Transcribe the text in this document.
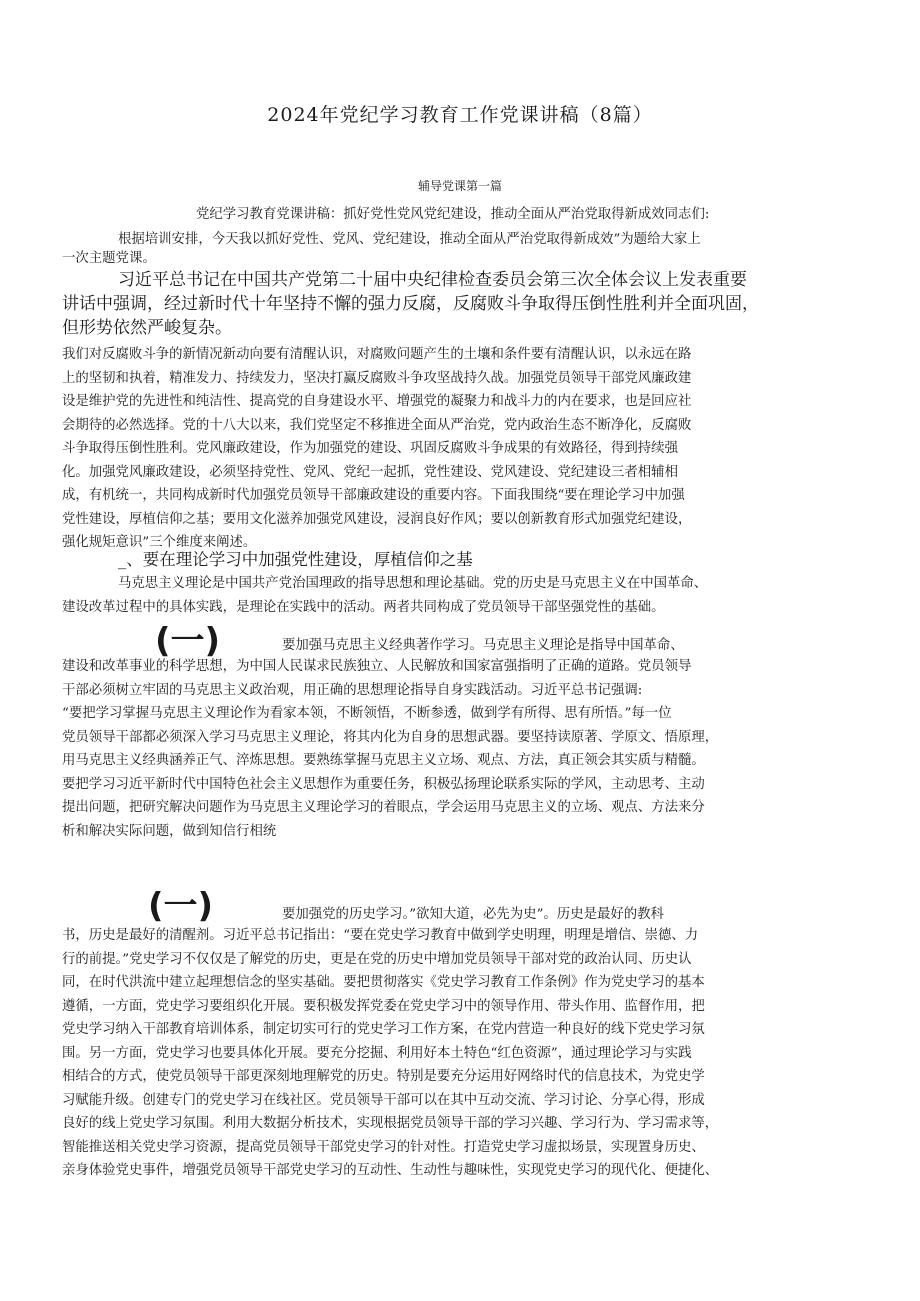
2024年党纪学习教育工作党课讲稿（8篇）
辅导党课第一篇
党纪学习教育党课讲稿：抓好党性党风党纪建设，推动全面从严治党取得新成效同志们:
根据培训安排，今天我以抓好党性、党风、党纪建设，推动全面从严治党取得新成效”为题给大家上
一次主题党课。
习近平总书记在中国共产党第二十届中央纪律检查委员会第三次全体会议上发表重要
讲话中强调，经过新时代十年坚持不懈的强力反腐，反腐败斗争取得压倒性胜利并全面巩固，
但形势依然严峻复杂。
我们对反腐败斗争的新情况新动向要有清醒认识，对腐败问题产生的土壤和条件要有清醒认识，以永远在路
上的坚韧和执着，精准发力、持续发力，坚决打赢反腐败斗争攻坚战持久战。加强党员领导干部党风廉政建
设是维护党的先进性和纯洁性、提高党的自身建设水平、增强党的凝聚力和战斗力的内在要求，也是回应社
会期待的必然选择。党的十八大以来，我们党坚定不移推进全面从严治党，党内政治生态不断净化，反腐败
斗争取得压倒性胜利。党风廉政建设，作为加强党的建设、巩固反腐败斗争成果的有效路径，得到持续强
化。加强党风廉政建设，必须坚持党性、党风、党纪一起抓，党性建设、党风建设、党纪建设三者相辅相
成，有机统一，共同构成新时代加强党员领导干部廉政建设的重要内容。下面我围绕“要在理论学习中加强
党性建设，厚植信仰之基；要用文化滋养加强党风建设，浸润良好作风；要以创新教育形式加强党纪建设，
强化规矩意识”三个维度来阐述。
_、要在理论学习中加强党性建设，厚植信仰之基
马克思主义理论是中国共产党治国理政的指导思想和理论基础。党的历史是马克思主义在中国革命、
建设改革过程中的具体实践，是理论在实践中的活动。两者共同构成了党员领导干部坚强党性的基础。
(一)	要加强马克思主义经典著作学习。马克思主义理论是指导中国革命、
建设和改革事业的科学思想，为中国人民谋求民族独立、人民解放和国家富强指明了正确的道路。党员领导
干部必须树立牢固的马克思主义政治观，用正确的思想理论指导自身实践活动。习近平总书记强调:
“要把学习掌握马克思主义理论作为看家本领，不断领悟，不断参透，做到学有所得、思有所悟。”每一位
党员领导干部都必须深入学习马克思主义理论，将其内化为自身的思想武器。要坚持读原著、学原文、悟原理，
用马克思主义经典涵养正气、淬炼思想。要熟练掌握马克思主义立场、观点、方法，真正领会其实质与精髓。
要把学习习近平新时代中国特色社会主义思想作为重要任务，积极弘扬理论联系实际的学风，主动思考、主动
提出问题，把研究解决问题作为马克思主义理论学习的着眼点，学会运用马克思主义的立场、观点、方法来分
析和解决实际问题，做到知信行相统
(一)	要加强党的历史学习。”欲知大道，必先为史”。历史是最好的教科
书，历史是最好的清醒剂。习近平总书记指出：“要在党史学习教育中做到学史明理，明理是增信、崇德、力
行的前提。”党史学习不仅仅是了解党的历史，更是在党的历史中增加党员领导干部对党的政治认同、历史认
同，在时代洪流中建立起理想信念的坚实基础。要把贯彻落实《党史学习教育工作条例》作为党史学习的基本
遵循，一方面，党史学习要组织化开展。要积极发挥党委在党史学习中的领导作用、带头作用、监督作用，把
党史学习纳入干部教育培训体系，制定切实可行的党史学习工作方案，在党内营造一种良好的线下党史学习氛
围。另一方面，党史学习也要具体化开展。要充分挖掘、利用好本土特色“红色资源”，通过理论学习与实践
相结合的方式，使党员领导干部更深刻地理解党的历史。特别是要充分运用好网络时代的信息技术，为党史学
习赋能升级。创建专门的党史学习在线社区。党员领导干部可以在其中互动交流、学习讨论、分享心得，形成
良好的线上党史学习氛围。利用大数据分析技术，实现根据党员领导干部的学习兴趣、学习行为、学习需求等，
智能推送相关党史学习资源，提高党员领导干部党史学习的针对性。打造党史学习虚拟场景，实现置身历史、
亲身体验党史事件，增强党员领导干部党史学习的互动性、生动性与趣味性，实现党史学习的现代化、便捷化、
